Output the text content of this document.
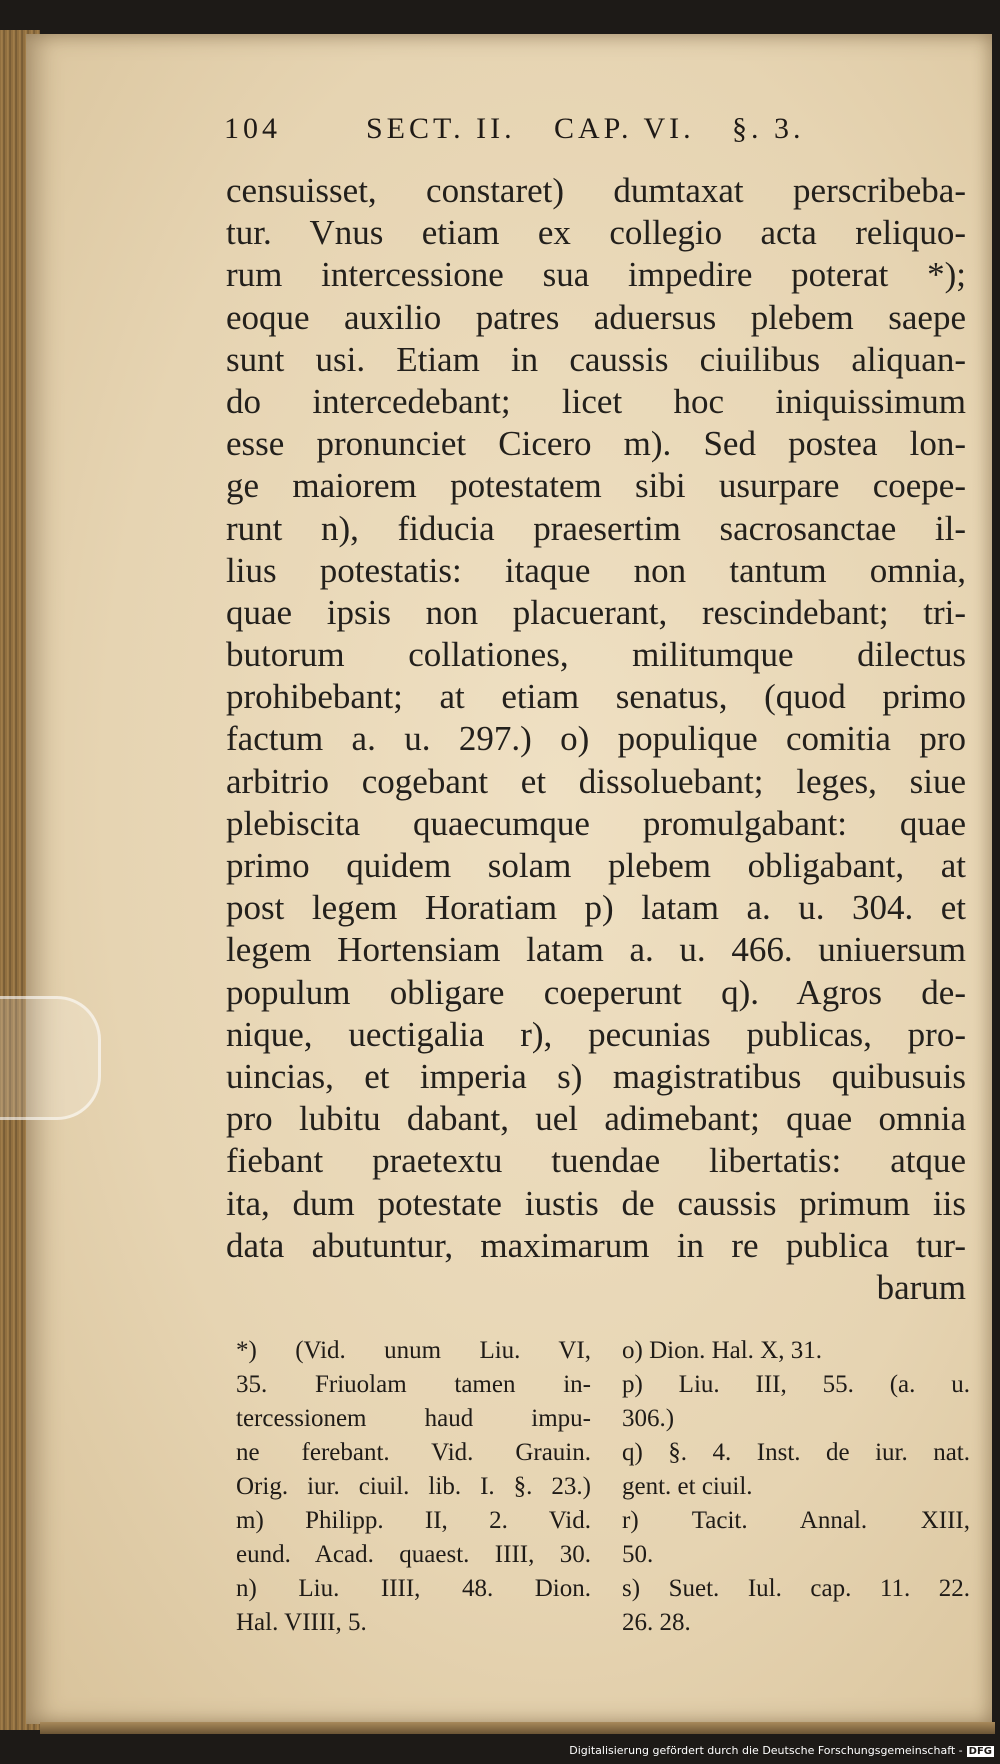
104	SECT. II. CAP. VI. §. 3.
censuisset, constaret) dumtaxat perscribeba-
tur. Vnus etiam ex collegio acta reliquo-
rum intercessione sua impedire poterat *);
eoque auxilio patres aduersus plebem saepe
sunt usi. Etiam in caussis ciuilibus aliquan-
do intercedebant; licet hoc iniquissimum
esse pronunciet Cicero m). Sed postea lon-
ge maiorem potestatem sibi usurpare coepe-
runt n), fiducia praesertim sacrosanctae il-
lius potestatis: itaque non tantum omnia,
quae ipsis non placuerant, rescindebant; tri-
butorum collationes, militumque dilectus
prohibebant; at etiam senatus, (quod primo
factum a. u. 297.) o) populique comitia pro
arbitrio cogebant et dissoluebant; leges, siue
plebiscita quaecumque promulgabant: quae
primo quidem solam plebem obligabant, at
post legem Horatiam p) latam a. u. 304. et
legem Hortensiam latam a. u. 466. uniuersum
populum obligare coeperunt q). Agros de-
nique, uectigalia r), pecunias publicas, pro-
uincias, et imperia s) magistratibus quibusuis
pro lubitu dabant, uel adimebant; quae omnia
fiebant praetextu tuendae libertatis: atque
ita, dum potestate iustis de caussis primum iis
data abutuntur, maximarum in re publica tur-
barum
*) (Vid. unum Liu. VI,
35. Friuolam tamen in-
tercessionem haud impu-
ne ferebant. Vid. Grauin.
Orig. iur. ciuil. lib. I. §. 23.)
m) Philipp. II, 2. Vid.
eund. Acad. quaest. IIII, 30.
n) Liu. IIII, 48. Dion.
Hal. VIIII, 5.
o) Dion. Hal. X, 31.
p) Liu. III, 55. (a. u.
306.)
q) §. 4. Inst. de iur. nat.
gent. et ciuil.
r) Tacit. Annal. XIII,
50.
s) Suet. Iul. cap. 11. 22.
26. 28.
Digitalisierung gefördert durch die Deutsche Forschungsgemeinschaft - DFG
